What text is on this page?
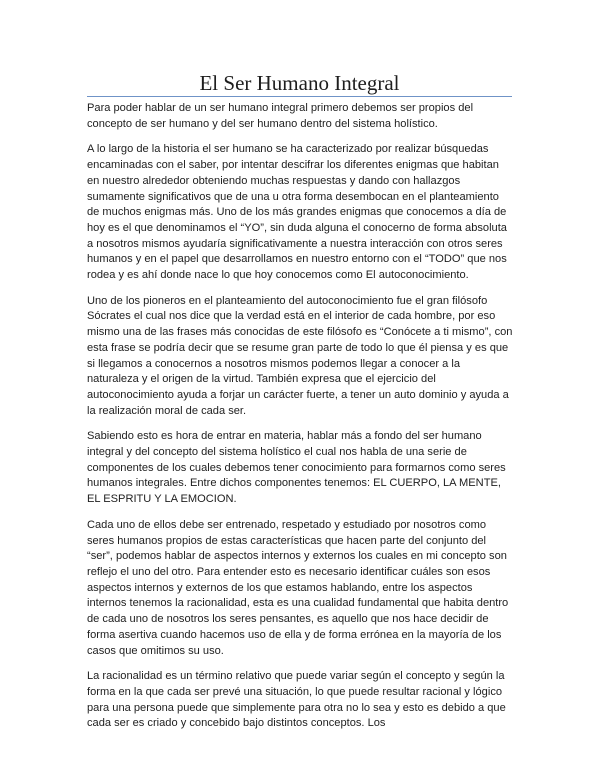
El Ser Humano Integral

Para poder hablar de un ser humano integral primero debemos ser propios del concepto de ser humano y del ser humano dentro del sistema holístico.

A lo largo de la historia el ser humano se ha caracterizado por realizar búsquedas encaminadas con el saber, por intentar descifrar los diferentes enigmas que habitan en nuestro alrededor obteniendo muchas respuestas y dando con hallazgos sumamente significativos que de una u otra forma desembocan en el planteamiento de muchos enigmas más. Uno de los más grandes enigmas que conocemos a día de hoy es el que denominamos el “YO”, sin duda alguna el conocerno de forma absoluta a nosotros mismos ayudaría significativamente a nuestra interacción con otros seres humanos y en el papel que desarrollamos en nuestro entorno con el “TODO” que nos rodea y es ahí donde nace lo que hoy conocemos como El autoconocimiento.

Uno de los pioneros en el planteamiento del autoconocimiento fue el gran filósofo Sócrates el cual nos dice que la verdad está en el interior de cada hombre, por eso mismo una de las frases más conocidas de este filósofo es “Conócete a ti mismo”, con esta frase se podría decir que se resume gran parte de todo lo que él piensa y es que si llegamos a conocernos a nosotros mismos podemos llegar a conocer a la naturaleza y el origen de la virtud. También expresa que el ejercicio del autoconocimiento ayuda a forjar un carácter fuerte, a tener un auto dominio y ayuda a la realización moral de cada ser.

Sabiendo esto es hora de entrar en materia, hablar más a fondo del ser humano integral y del concepto del sistema holístico el cual nos habla de una serie de componentes de los cuales debemos tener conocimiento para formarnos como seres humanos integrales. Entre dichos componentes tenemos: EL CUERPO, LA MENTE, EL ESPRITU Y LA EMOCION.

Cada uno de ellos debe ser entrenado, respetado y estudiado por nosotros como seres humanos propios de estas características que hacen parte del conjunto del “ser”, podemos hablar de aspectos internos y externos los cuales en mi concepto son reflejo el uno del otro. Para entender esto es necesario identificar cuáles son esos aspectos internos y externos de los que estamos hablando, entre los aspectos internos tenemos la racionalidad, esta es una cualidad fundamental que habita dentro de cada uno de nosotros los seres pensantes, es aquello que nos hace decidir de forma asertiva cuando hacemos uso de ella y de forma errónea en la mayoría de los casos que omitimos su uso.

La racionalidad es un término relativo que puede variar según el concepto y según la forma en la que cada ser prevé una situación, lo que puede resultar racional y lógico para una persona puede que simplemente para otra no lo sea y esto es debido a que cada ser es criado y concebido bajo distintos conceptos. Los
